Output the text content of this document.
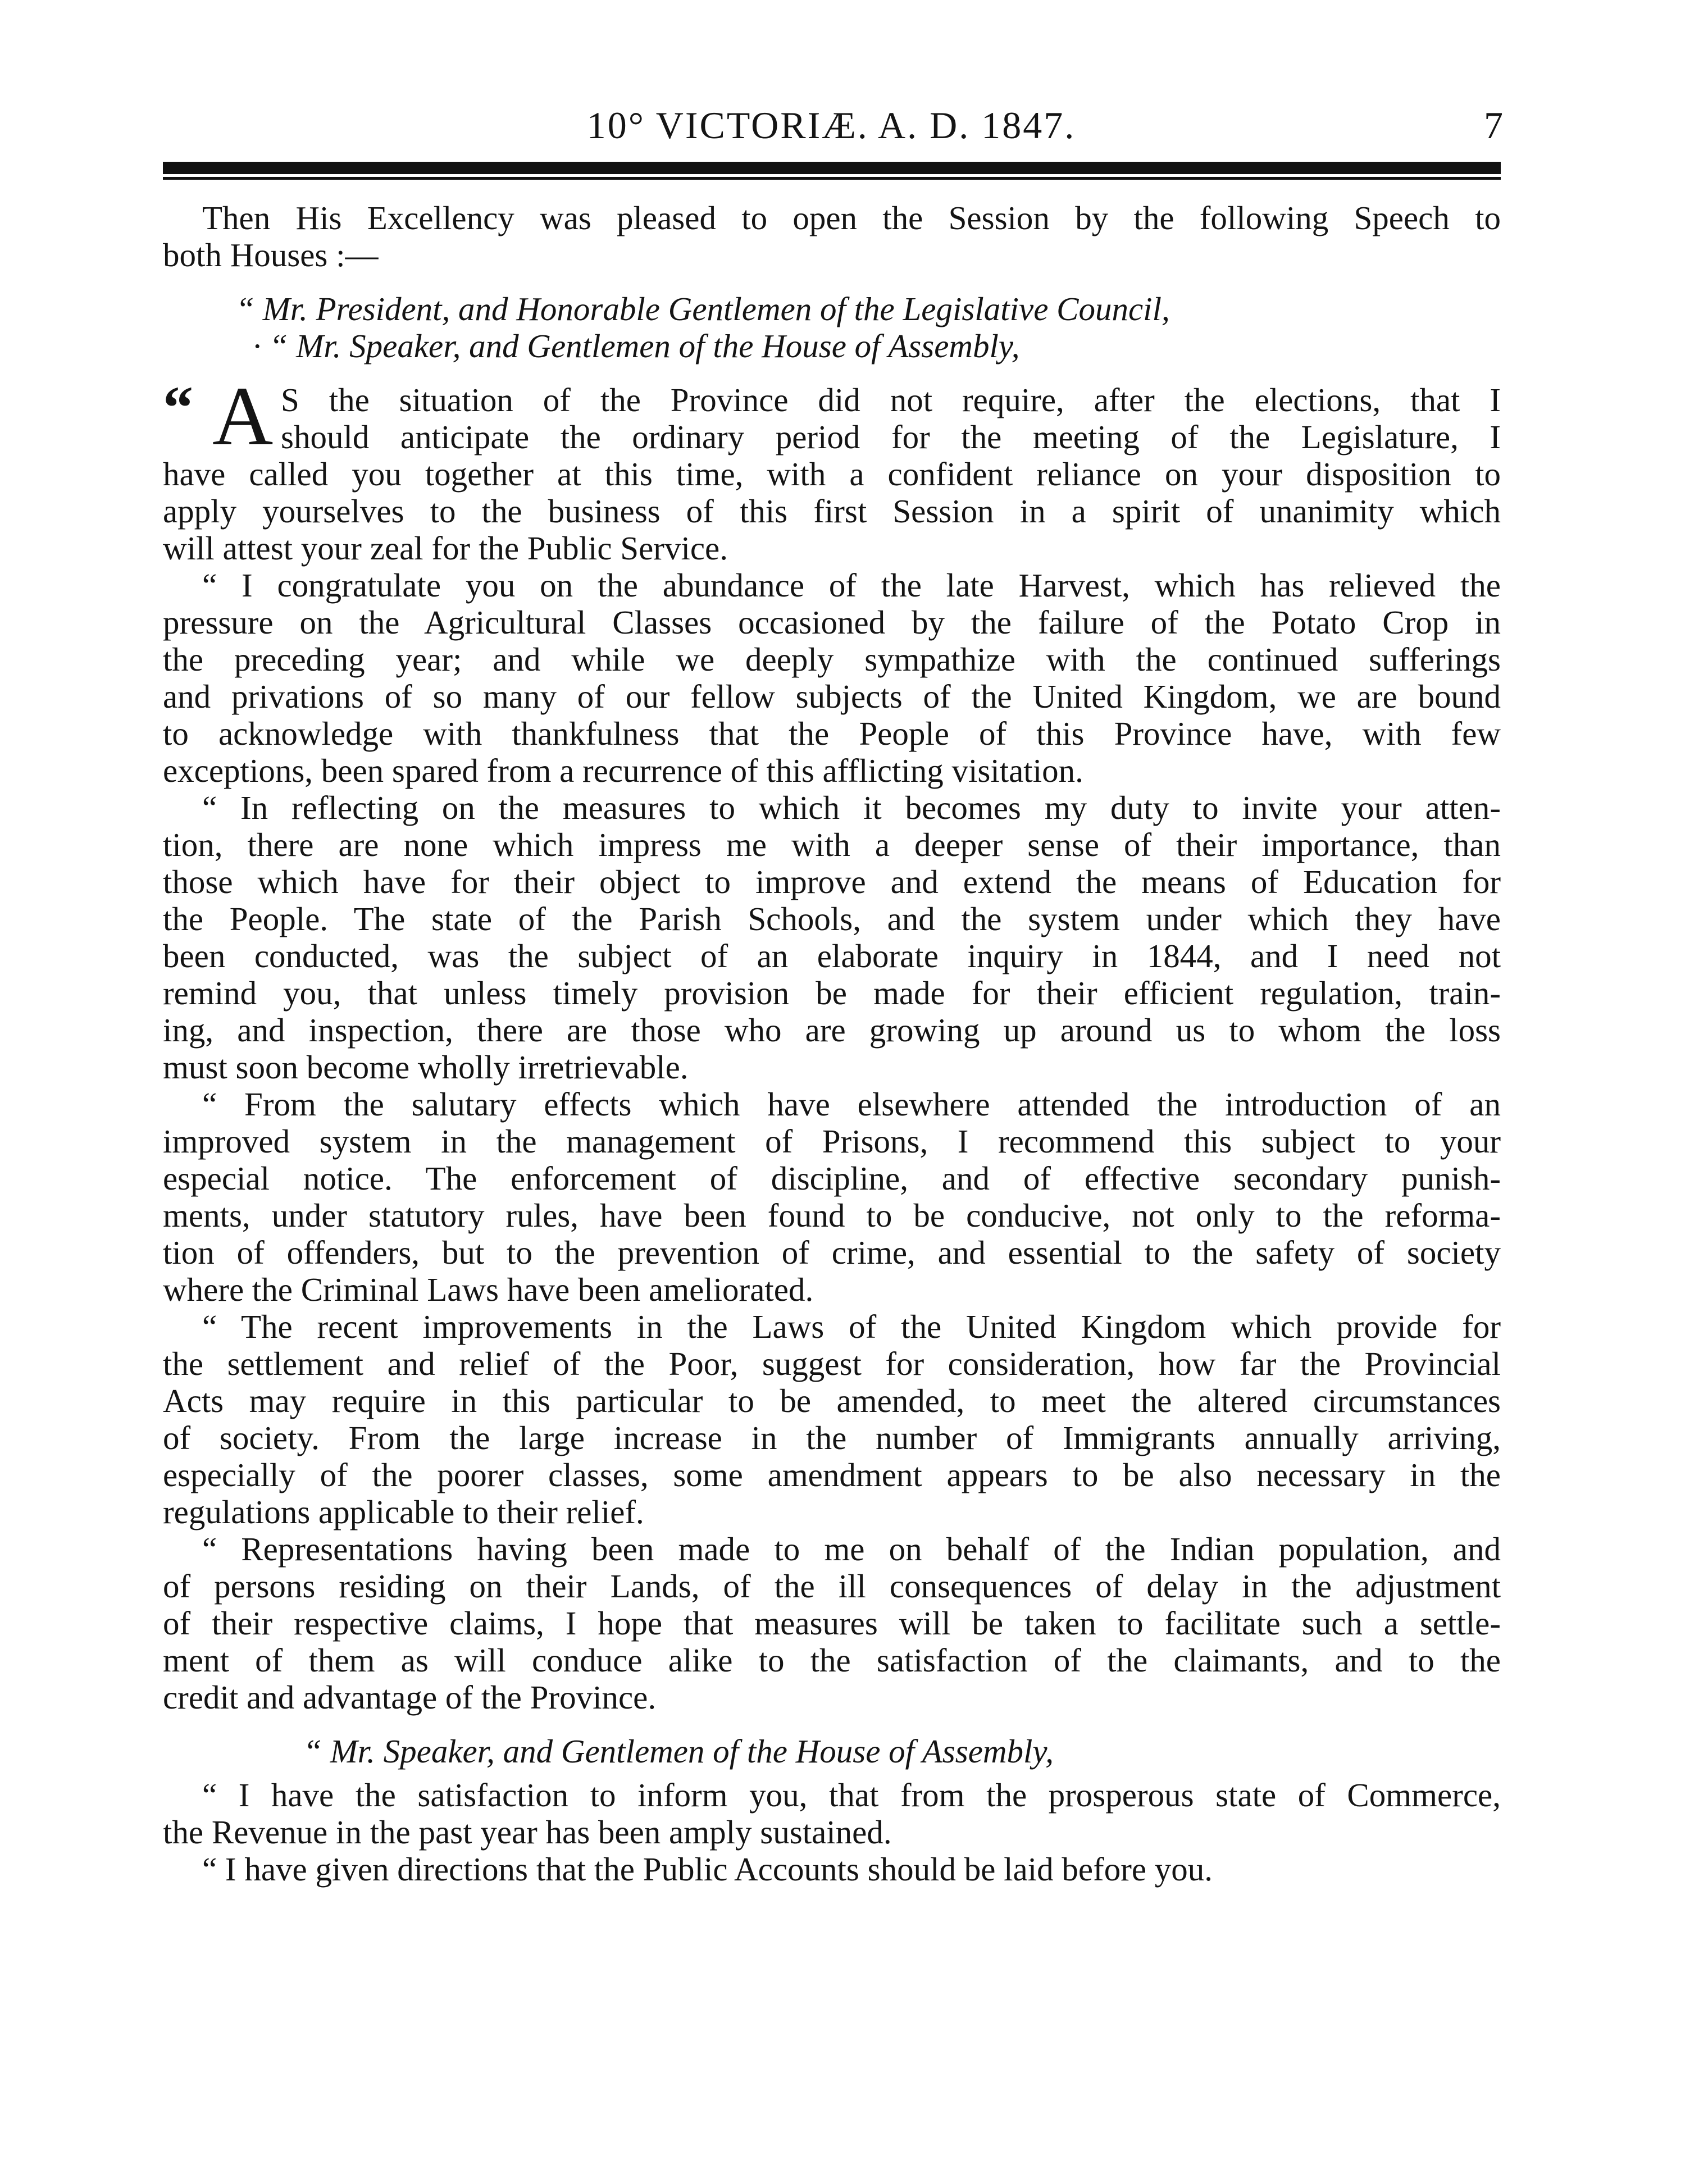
10° VICTORIÆ. A. D. 1847.	7
Then His Excellency was pleased to open the Session by the following Speech to
both Houses :—
“ Mr. President, and Honorable Gentlemen of the Legislative Council,
· “ Mr. Speaker, and Gentlemen of the House of Assembly,
“ A S the situation of the Province did not require, after the elections, that I
should anticipate the ordinary period for the meeting of the Legislature, I
have called you together at this time, with a confident reliance on your disposition to
apply yourselves to the business of this first Session in a spirit of unanimity which
will attest your zeal for the Public Service.
“ I congratulate you on the abundance of the late Harvest, which has relieved the
pressure on the Agricultural Classes occasioned by the failure of the Potato Crop in
the preceding year; and while we deeply sympathize with the continued sufferings
and privations of so many of our fellow subjects of the United Kingdom, we are bound
to acknowledge with thankfulness that the People of this Province have, with few
exceptions, been spared from a recurrence of this afflicting visitation.
“ In reflecting on the measures to which it becomes my duty to invite your atten-
tion, there are none which impress me with a deeper sense of their importance, than
those which have for their object to improve and extend the means of Education for
the People. The state of the Parish Schools, and the system under which they have
been conducted, was the subject of an elaborate inquiry in 1844, and I need not
remind you, that unless timely provision be made for their efficient regulation, train-
ing, and inspection, there are those who are growing up around us to whom the loss
must soon become wholly irretrievable.
“ From the salutary effects which have elsewhere attended the introduction of an
improved system in the management of Prisons, I recommend this subject to your
especial notice. The enforcement of discipline, and of effective secondary punish-
ments, under statutory rules, have been found to be conducive, not only to the reforma-
tion of offenders, but to the prevention of crime, and essential to the safety of society
where the Criminal Laws have been ameliorated.
“ The recent improvements in the Laws of the United Kingdom which provide for
the settlement and relief of the Poor, suggest for consideration, how far the Provincial
Acts may require in this particular to be amended, to meet the altered circumstances
of society. From the large increase in the number of Immigrants annually arriving,
especially of the poorer classes, some amendment appears to be also necessary in the
regulations applicable to their relief.
“ Representations having been made to me on behalf of the Indian population, and
of persons residing on their Lands, of the ill consequences of delay in the adjustment
of their respective claims, I hope that measures will be taken to facilitate such a settle-
ment of them as will conduce alike to the satisfaction of the claimants, and to the
credit and advantage of the Province.
“ Mr. Speaker, and Gentlemen of the House of Assembly,
“ I have the satisfaction to inform you, that from the prosperous state of Commerce,
the Revenue in the past year has been amply sustained.
“ I have given directions that the Public Accounts should be laid before you.
